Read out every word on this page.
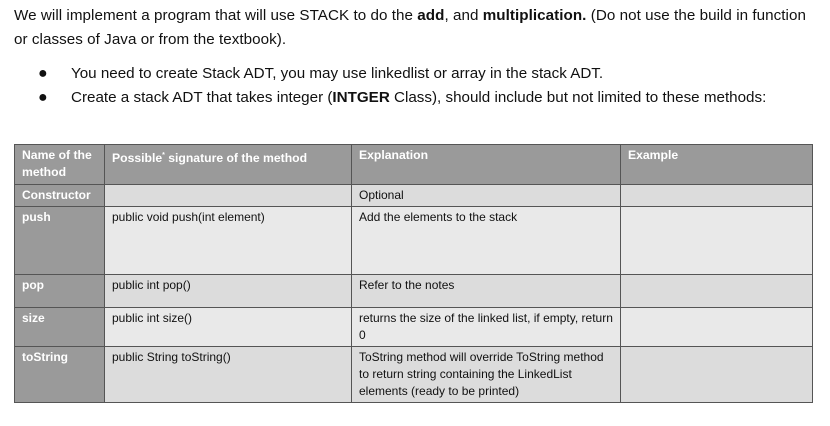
We will implement a program that will use STACK to do the add, and multiplication. (Do not use the build in function or classes of Java or from the textbook).
●	You need to create Stack ADT, you may use linkedlist or array in the stack ADT.
●	Create a stack ADT that takes integer (INTGER Class), should include but not limited to these methods:
Name of the method	Possible* signature of the method	Explanation	Example
Constructor		Optional	
push	public void push(int element)	Add the elements to the stack	
pop	public int pop()	Refer to the notes	
size	public int size()	returns the size of the linked list, if empty, return 0	
toString	public String toString()	ToString method will override ToString method to return string containing the LinkedList elements (ready to be printed)	
